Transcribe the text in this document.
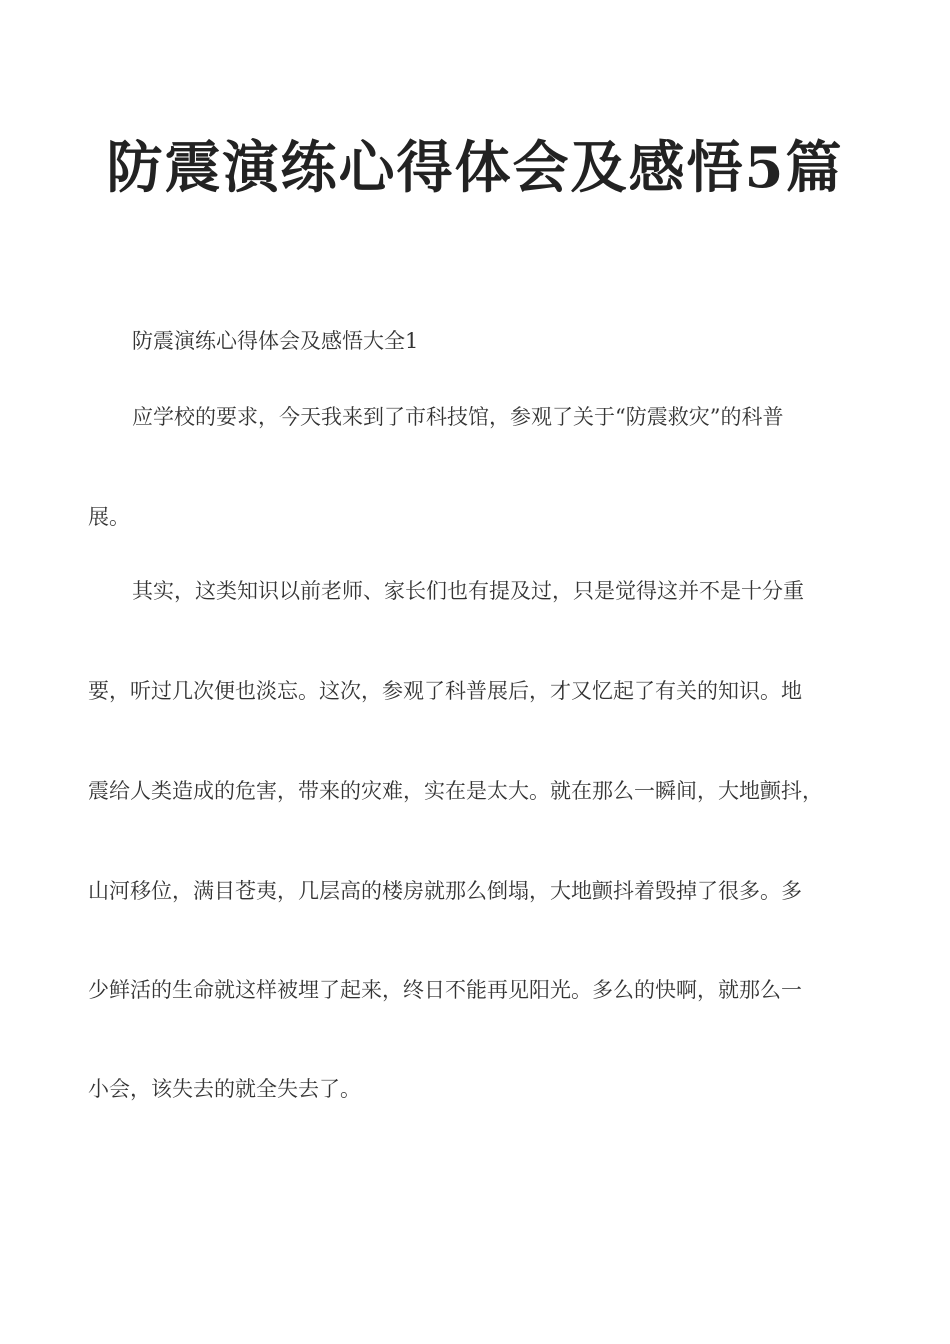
防震演练心得体会及感悟5篇

防震演练心得体会及感悟大全1

应学校的要求，今天我来到了市科技馆，参观了关于“防震救灾”的科普

展。

其实，这类知识以前老师、家长们也有提及过，只是觉得这并不是十分重

要，听过几次便也淡忘。这次，参观了科普展后，才又忆起了有关的知识。地

震给人类造成的危害，带来的灾难，实在是太大。就在那么一瞬间，大地颤抖，

山河移位，满目苍夷，几层高的楼房就那么倒塌，大地颤抖着毁掉了很多。多

少鲜活的生命就这样被埋了起来，终日不能再见阳光。多么的快啊，就那么一

小会，该失去的就全失去了。
